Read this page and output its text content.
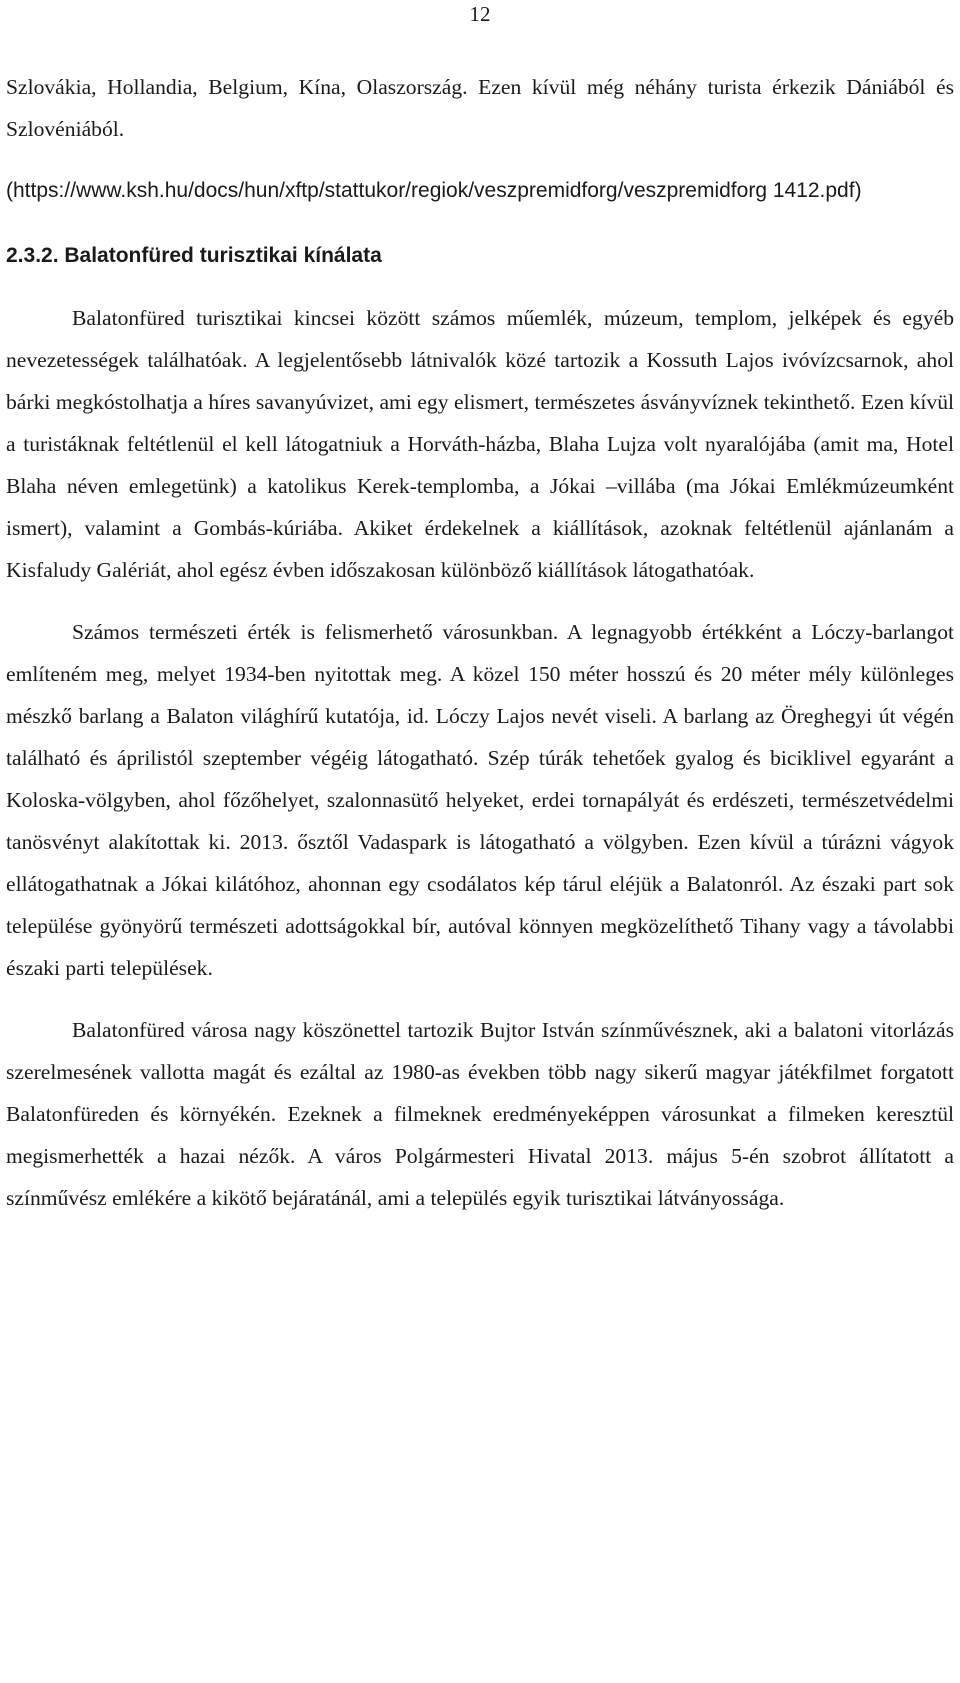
12

Szlovákia, Hollandia, Belgium, Kína, Olaszország. Ezen kívül még néhány turista érkezik Dániából és Szlovéniából.

(https://www.ksh.hu/docs/hun/xftp/stattukor/regiok/veszpremidforg/veszpremidforg 1412.pdf)

2.3.2. Balatonfüred turisztikai kínálata

Balatonfüred turisztikai kincsei között számos műemlék, múzeum, templom, jelképek és egyéb nevezetességek találhatóak. A legjelentősebb látnivalók közé tartozik a Kossuth Lajos ivóvízcsarnok, ahol bárki megkóstolhatja a híres savanyúvizet, ami egy elismert, természetes ásványvíznek tekinthető. Ezen kívül a turistáknak feltétlenül el kell látogatniuk a Horváth-házba, Blaha Lujza volt nyaralójába (amit ma, Hotel Blaha néven emlegetünk) a katolikus Kerek-templomba, a Jókai –villába (ma Jókai Emlékmúzeumként ismert), valamint a Gombás-kúriába. Akiket érdekelnek a kiállítások, azoknak feltétlenül ajánlanám a Kisfaludy Galériát, ahol egész évben időszakosan különböző kiállítások látogathatóak.

Számos természeti érték is felismerhető városunkban. A legnagyobb értékként a Lóczy-barlangot említeném meg, melyet 1934-ben nyitottak meg. A közel 150 méter hosszú és 20 méter mély különleges mészkő barlang a Balaton világhírű kutatója, id. Lóczy Lajos nevét viseli. A barlang az Öreghegyi út végén található és áprilistól szeptember végéig látogatható. Szép túrák tehetőek gyalog és biciklivel egyaránt a Koloska-völgyben, ahol főzőhelyet, szalonnasütő helyeket, erdei tornapályát és erdészeti, természetvédelmi tanösvényt alakítottak ki. 2013. ősztől Vadaspark is látogatható a völgyben. Ezen kívül a túrázni vágyok ellátogathatnak a Jókai kilátóhoz, ahonnan egy csodálatos kép tárul eléjük a Balatonról. Az északi part sok települése gyönyörű természeti adottságokkal bír, autóval könnyen megközelíthető Tihany vagy a távolabbi északi parti települések.

Balatonfüred városa nagy köszönettel tartozik Bujtor István színművésznek, aki a balatoni vitorlázás szerelmesének vallotta magát és ezáltal az 1980-as években több nagy sikerű magyar játékfilmet forgatott Balatonfüreden és környékén. Ezeknek a filmeknek eredményeképpen városunkat a filmeken keresztül megismerhették a hazai nézők. A város Polgármesteri Hivatal 2013. május 5-én szobrot állítatott a színművész emlékére a kikötő bejáratánál, ami a település egyik turisztikai látványossága.
